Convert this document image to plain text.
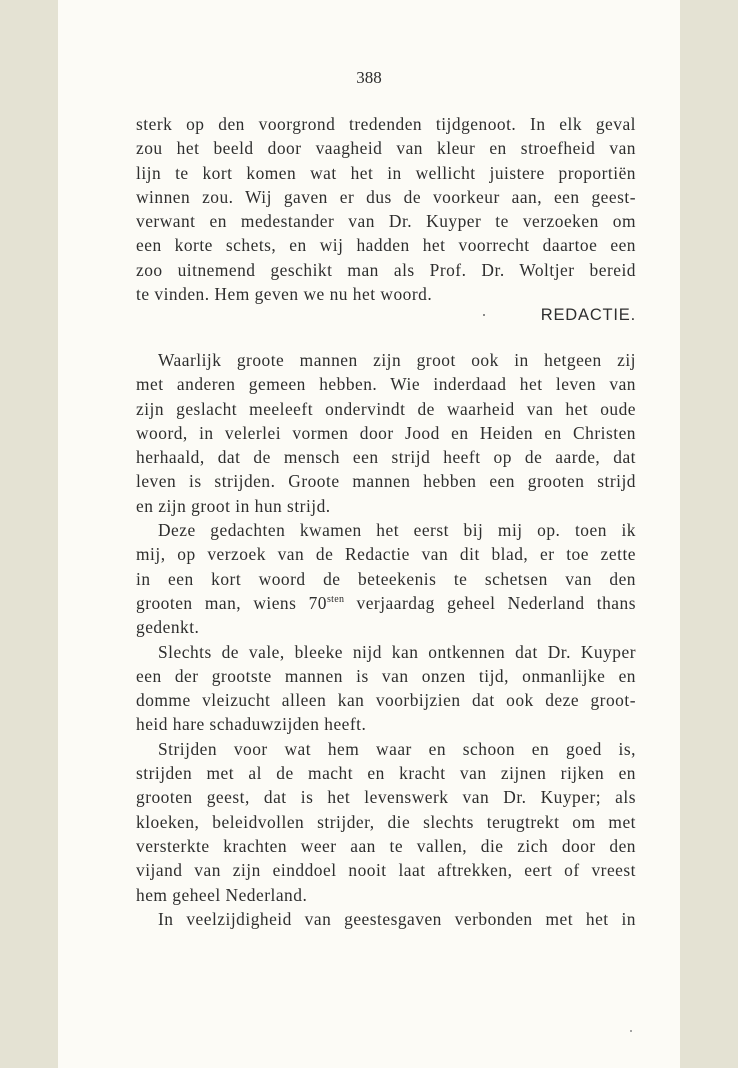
388
sterk op den voorgrond tredenden tijdgenoot. In elk geval
zou het beeld door vaagheid van kleur en stroefheid van
lijn te kort komen wat het in wellicht juistere proportiën
winnen zou. Wij gaven er dus de voorkeur aan, een geest-
verwant en medestander van Dr. Kuyper te verzoeken om
een korte schets, en wij hadden het voorrecht daartoe een
zoo uitnemend geschikt man als Prof. Dr. Woltjer bereid
te vinden. Hem geven we nu het woord.
REDACTIE.
Waarlijk groote mannen zijn groot ook in hetgeen zij
met anderen gemeen hebben. Wie inderdaad het leven van
zijn geslacht meeleeft ondervindt de waarheid van het oude
woord, in velerlei vormen door Jood en Heiden en Christen
herhaald, dat de mensch een strijd heeft op de aarde, dat
leven is strijden. Groote mannen hebben een grooten strijd
en zijn groot in hun strijd.
Deze gedachten kwamen het eerst bij mij op. toen ik
mij, op verzoek van de Redactie van dit blad, er toe zette
in een kort woord de beteekenis te schetsen van den
grooten man, wiens $70^{sten}$ verjaardag geheel Nederland thans
gedenkt.
Slechts de vale, bleeke nijd kan ontkennen dat Dr. Kuyper
een der grootste mannen is van onzen tijd, onmanlijke en
domme vleizucht alleen kan voorbijzien dat ook deze groot-
heid hare schaduwzijden heeft.
Strijden voor wat hem waar en schoon en goed is,
strijden met al de macht en kracht van zijnen rijken en
grooten geest, dat is het levenswerk van Dr. Kuyper; als
kloeken, beleidvollen strijder, die slechts terugtrekt om met
versterkte krachten weer aan te vallen, die zich door den
vijand van zijn einddoel nooit laat aftrekken, eert of vreest
hem geheel Nederland.
In veelzijdigheid van geestesgaven verbonden met het in
